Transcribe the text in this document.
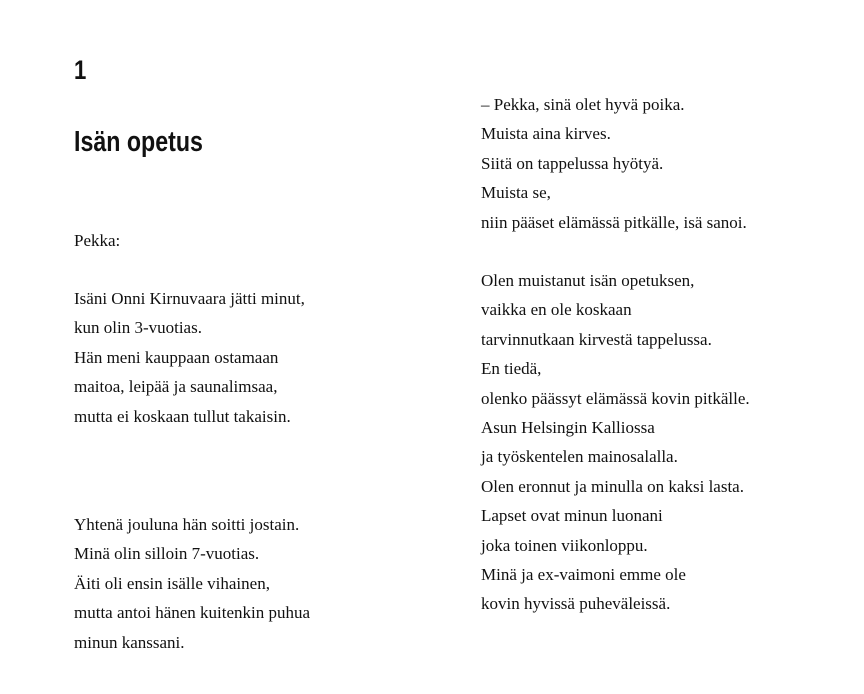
1
Isän opetus
Pekka:

Isäni Onni Kirnuvaara jätti minut,
kun olin 3-vuotias.
Hän meni kauppaan ostamaan
maitoa, leipää ja saunalimsaa,
mutta ei koskaan tullut takaisin.

Yhtenä jouluna hän soitti jostain.
Minä olin silloin 7-vuotias.
Äiti oli ensin isälle vihainen,
mutta antoi hänen kuitenkin puhua
minun kanssani.

– Pekka, sinä olet hyvä poika.
Muista aina kirves.
Siitä on tappelussa hyötyä.
Muista se,
niin pääset elämässä pitkälle, isä sanoi.

Olen muistanut isän opetuksen,
vaikka en ole koskaan
tarvinnutkaan kirvestä tappelussa.
En tiedä,
olenko päässyt elämässä kovin pitkälle.
Asun Helsingin Kalliossa
ja työskentelen mainosalalla.
Olen eronnut ja minulla on kaksi lasta.
Lapset ovat minun luonani
joka toinen viikonloppu.
Minä ja ex-vaimoni emme ole
kovin hyvissä puheväleissä.
